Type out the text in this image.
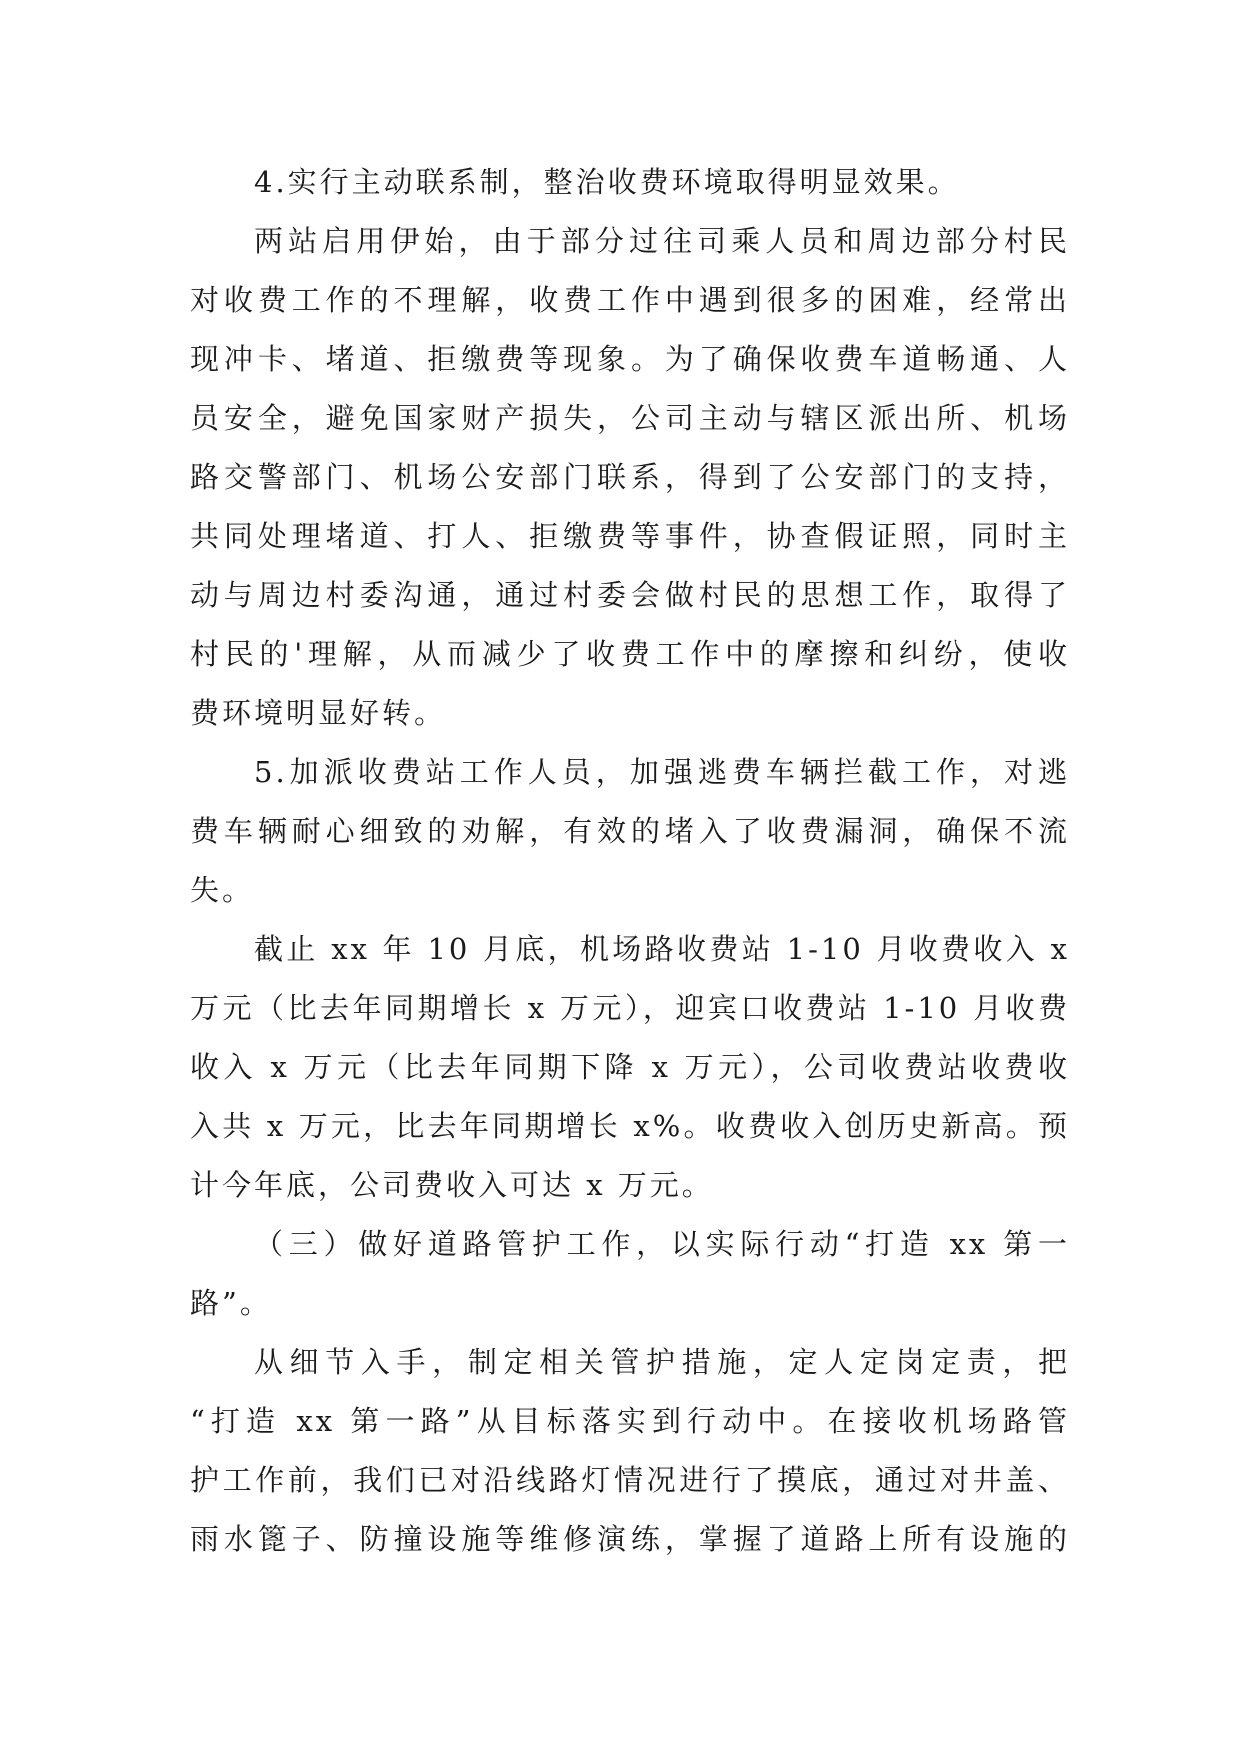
4.实行主动联系制，整治收费环境取得明显效果。
两站启用伊始，由于部分过往司乘人员和周边部分村民
对收费工作的不理解，收费工作中遇到很多的困难，经常出
现冲卡、堵道、拒缴费等现象。为了确保收费车道畅通、人
员安全，避免国家财产损失，公司主动与辖区派出所、机场
路交警部门、机场公安部门联系，得到了公安部门的支持，
共同处理堵道、打人、拒缴费等事件，协查假证照，同时主
动与周边村委沟通，通过村委会做村民的思想工作，取得了
村民的'理解，从而减少了收费工作中的摩擦和纠纷，使收
费环境明显好转。
5.加派收费站工作人员，加强逃费车辆拦截工作，对逃
费车辆耐心细致的劝解，有效的堵入了收费漏洞，确保不流
失。
截止 xx 年 10 月底，机场路收费站 1-10 月收费收入 x
万元（比去年同期增长 x 万元），迎宾口收费站 1-10 月收费
收入 x 万元（比去年同期下降 x 万元），公司收费站收费收
入共 x 万元，比去年同期增长 x%。收费收入创历史新高。预
计今年底，公司费收入可达 x 万元。
（三）做好道路管护工作，以实际行动“打造 xx 第一
路”。
从细节入手，制定相关管护措施，定人定岗定责，把
“打造 xx 第一路”从目标落实到行动中。在接收机场路管
护工作前，我们已对沿线路灯情况进行了摸底，通过对井盖、
雨水篦子、防撞设施等维修演练，掌握了道路上所有设施的
